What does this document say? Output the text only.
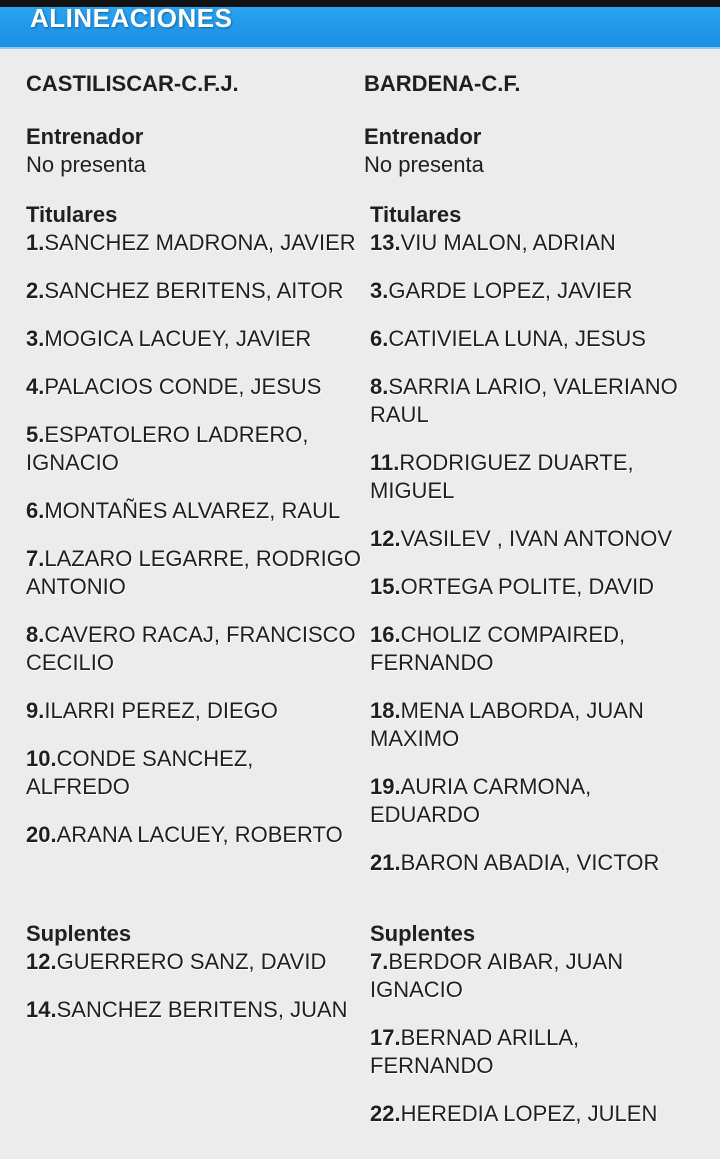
ALINEACIONES
CASTILISCAR-C.F.J.
Entrenador
No presenta
Titulares
1.SANCHEZ MADRONA, JAVIER
2.SANCHEZ BERITENS, AITOR
3.MOGICA LACUEY, JAVIER
4.PALACIOS CONDE, JESUS
5.ESPATOLERO LADRERO, IGNACIO
6.MONTAÑES ALVAREZ, RAUL
7.LAZARO LEGARRE, RODRIGO ANTONIO
8.CAVERO RACAJ, FRANCISCO CECILIO
9.ILARRI PEREZ, DIEGO
10.CONDE SANCHEZ, ALFREDO
20.ARANA LACUEY, ROBERTO
Suplentes
12.GUERRERO SANZ, DAVID
14.SANCHEZ BERITENS, JUAN
BARDENA-C.F.
Entrenador
No presenta
Titulares
13.VIU MALON, ADRIAN
3.GARDE LOPEZ, JAVIER
6.CATIVIELA LUNA, JESUS
8.SARRIA LARIO, VALERIANO RAUL
11.RODRIGUEZ DUARTE, MIGUEL
12.VASILEV , IVAN ANTONOV
15.ORTEGA POLITE, DAVID
16.CHOLIZ COMPAIRED, FERNANDO
18.MENA LABORDA, JUAN MAXIMO
19.AURIA CARMONA, EDUARDO
21.BARON ABADIA, VICTOR
Suplentes
7.BERDOR AIBAR, JUAN IGNACIO
17.BERNAD ARILLA, FERNANDO
22.HEREDIA LOPEZ, JULEN
